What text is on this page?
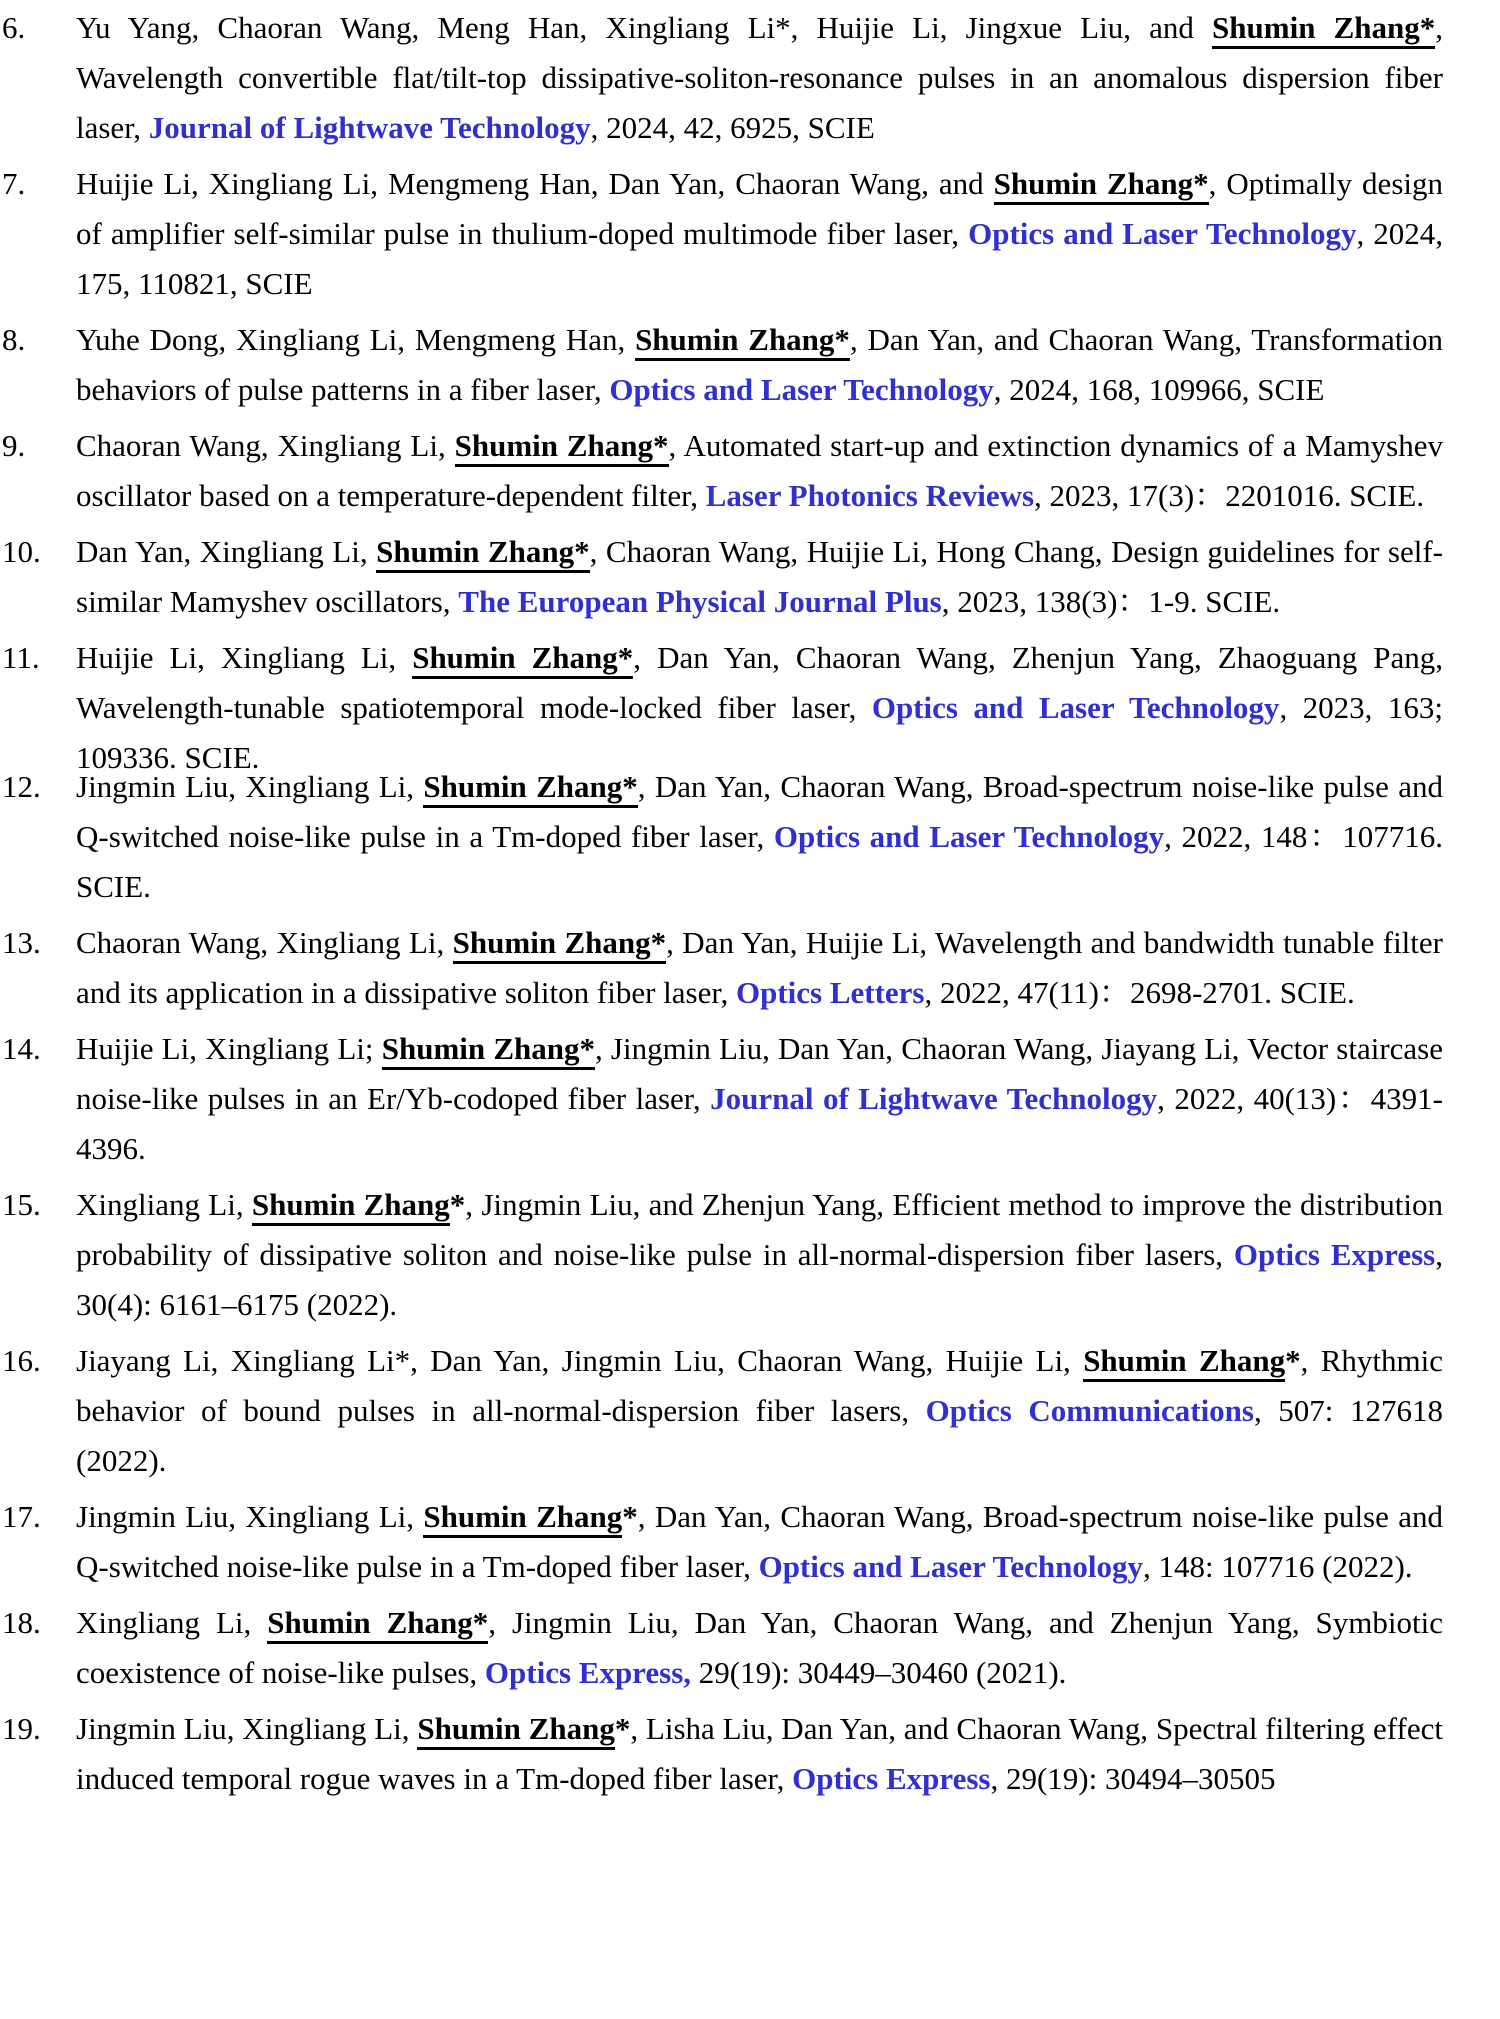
6. Yu Yang, Chaoran Wang, Meng Han, Xingliang Li*, Huijie Li, Jingxue Liu, and Shumin Zhang*, Wavelength convertible flat/tilt-top dissipative-soliton-resonance pulses in an anomalous dispersion fiber laser, Journal of Lightwave Technology, 2024, 42, 6925, SCIE
7. Huijie Li, Xingliang Li, Mengmeng Han, Dan Yan, Chaoran Wang, and Shumin Zhang*, Optimally design of amplifier self-similar pulse in thulium-doped multimode fiber laser, Optics and Laser Technology, 2024, 175, 110821, SCIE
8. Yuhe Dong, Xingliang Li, Mengmeng Han, Shumin Zhang*, Dan Yan, and Chaoran Wang, Transformation behaviors of pulse patterns in a fiber laser, Optics and Laser Technology, 2024, 168, 109966, SCIE
9. Chaoran Wang, Xingliang Li, Shumin Zhang*, Automated start-up and extinction dynamics of a Mamyshev oscillator based on a temperature-dependent filter, Laser Photonics Reviews, 2023, 17(3)：2201016. SCIE.
10. Dan Yan, Xingliang Li, Shumin Zhang*, Chaoran Wang, Huijie Li, Hong Chang, Design guidelines for self-similar Mamyshev oscillators, The European Physical Journal Plus, 2023, 138(3)：1-9. SCIE.
11. Huijie Li, Xingliang Li, Shumin Zhang*, Dan Yan, Chaoran Wang, Zhenjun Yang, Zhaoguang Pang, Wavelength-tunable spatiotemporal mode-locked fiber laser, Optics and Laser Technology, 2023, 163; 109336. SCIE.
12. Jingmin Liu, Xingliang Li, Shumin Zhang*, Dan Yan, Chaoran Wang, Broad-spectrum noise-like pulse and Q-switched noise-like pulse in a Tm-doped fiber laser, Optics and Laser Technology, 2022, 148：107716. SCIE.
13. Chaoran Wang, Xingliang Li, Shumin Zhang*, Dan Yan, Huijie Li, Wavelength and bandwidth tunable filter and its application in a dissipative soliton fiber laser, Optics Letters, 2022, 47(11)：2698-2701. SCIE.
14. Huijie Li, Xingliang Li; Shumin Zhang*, Jingmin Liu, Dan Yan, Chaoran Wang, Jiayang Li, Vector staircase noise-like pulses in an Er/Yb-codoped fiber laser, Journal of Lightwave Technology, 2022, 40(13)：4391-4396.
15. Xingliang Li, Shumin Zhang*, Jingmin Liu, and Zhenjun Yang, Efficient method to improve the distribution probability of dissipative soliton and noise-like pulse in all-normal-dispersion fiber lasers, Optics Express, 30(4): 6161–6175 (2022).
16. Jiayang Li, Xingliang Li*, Dan Yan, Jingmin Liu, Chaoran Wang, Huijie Li, Shumin Zhang*, Rhythmic behavior of bound pulses in all-normal-dispersion fiber lasers, Optics Communications, 507: 127618 (2022).
17. Jingmin Liu, Xingliang Li, Shumin Zhang*, Dan Yan, Chaoran Wang, Broad-spectrum noise-like pulse and Q-switched noise-like pulse in a Tm-doped fiber laser, Optics and Laser Technology, 148: 107716 (2022).
18. Xingliang Li, Shumin Zhang*, Jingmin Liu, Dan Yan, Chaoran Wang, and Zhenjun Yang, Symbiotic coexistence of noise-like pulses, Optics Express, 29(19): 30449–30460 (2021).
19. Jingmin Liu, Xingliang Li, Shumin Zhang*, Lisha Liu, Dan Yan, and Chaoran Wang, Spectral filtering effect induced temporal rogue waves in a Tm-doped fiber laser, Optics Express, 29(19): 30494–30505
